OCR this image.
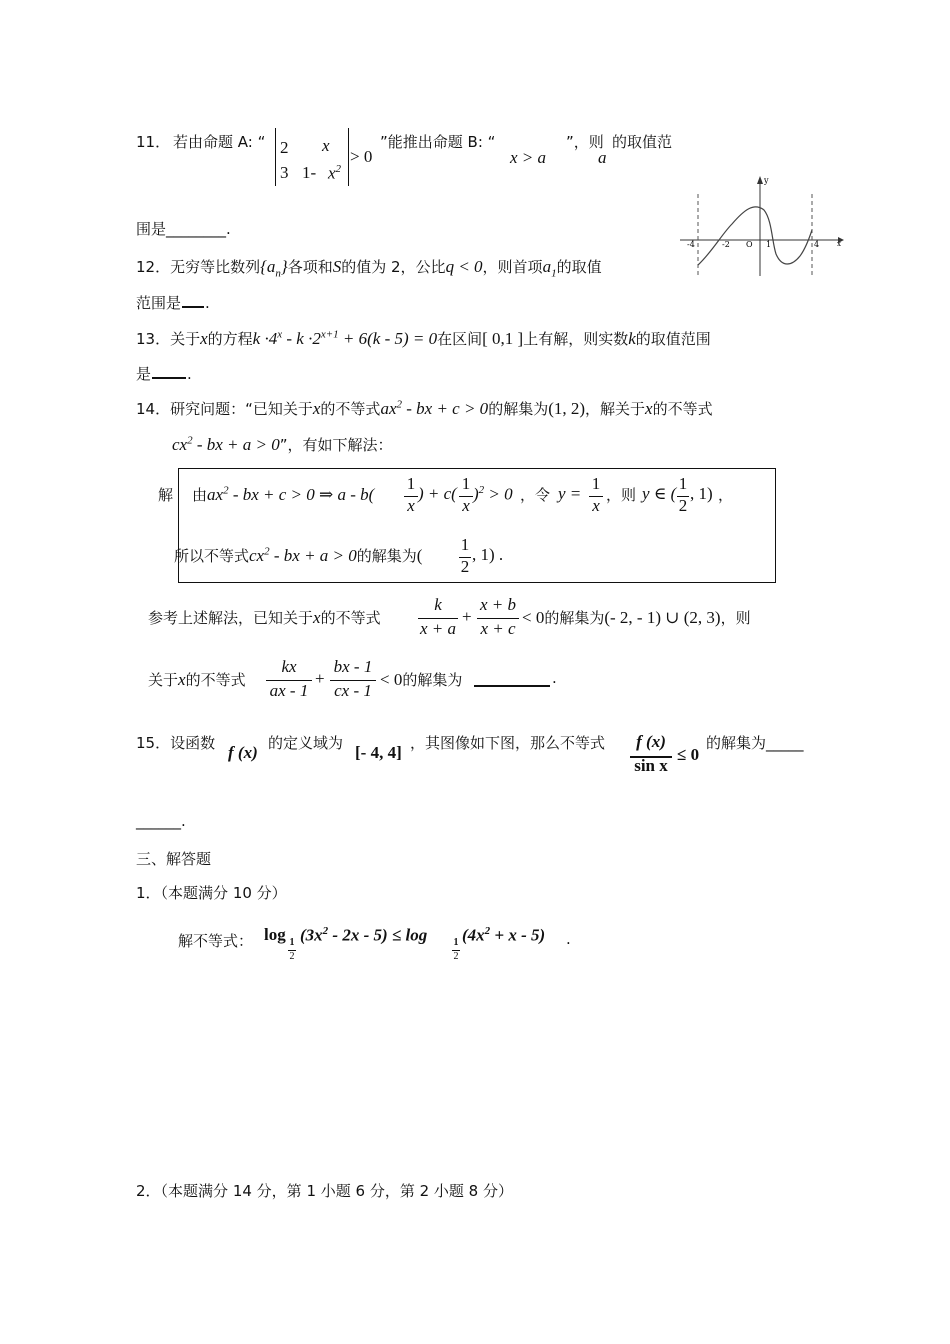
11． 若由命题 A: “ 2 x
3 1- $x^2$
> 0
”能推出命题 B: “	”，则 的取值范
x > a	a
围是________.
y
x
-4	-2 O 1	4
12．无穷等比数列$\{a_n\}$各项和S的值为 2，公比q < 0，则首项$a_1$的取值
范围是 .
13．关于x的方程$k \cdot 4^x - k \cdot 2^{x+1} + 6(k - 5) = 0$在区间[ 0,1 ]上有解，则实数k的取值范围
是 .
14．研究问题：“已知关于x的不等式$ax^2$ - bx + c > 0的解集为(1, 2)，解关于x的不等式
$cx^2$ - bx + a > 0”，有如下解法：
解 由$ax^2$ - bx + c > 0 ⇒ a - b(
1
x
) + c(
1
x
)$^2$ > 0 ，令 y =
1
x
，则 y ∈ (
1
2
, 1) ，
所以不等式$cx^2$ - bx + a > 0的解集为(
1
2
, 1) .
参考上述解法，已知关于x的不等式
k
x + a
+
x + b
x + c
< 0的解集为(- 2, - 1) ∪ (2, 3)，则
关于x的不等式
kx
ax - 1
+
bx - 1
cx - 1
< 0的解集为	.
15．设函数 f (x) 的定义域为 [- 4, 4] ，其图像如下图，那么不等式	f (x)
sin x
≤ 0
的解集为_____
______.
三、解答题
1．（本题满分 10 分）
解不等式： log 1
2
$(3x^2 - 2x - 5) \le \log$	1
2
$(4x^2 + x - 5)$ .
2．（本题满分 14 分，第 1 小题 6 分，第 2 小题 8 分）
